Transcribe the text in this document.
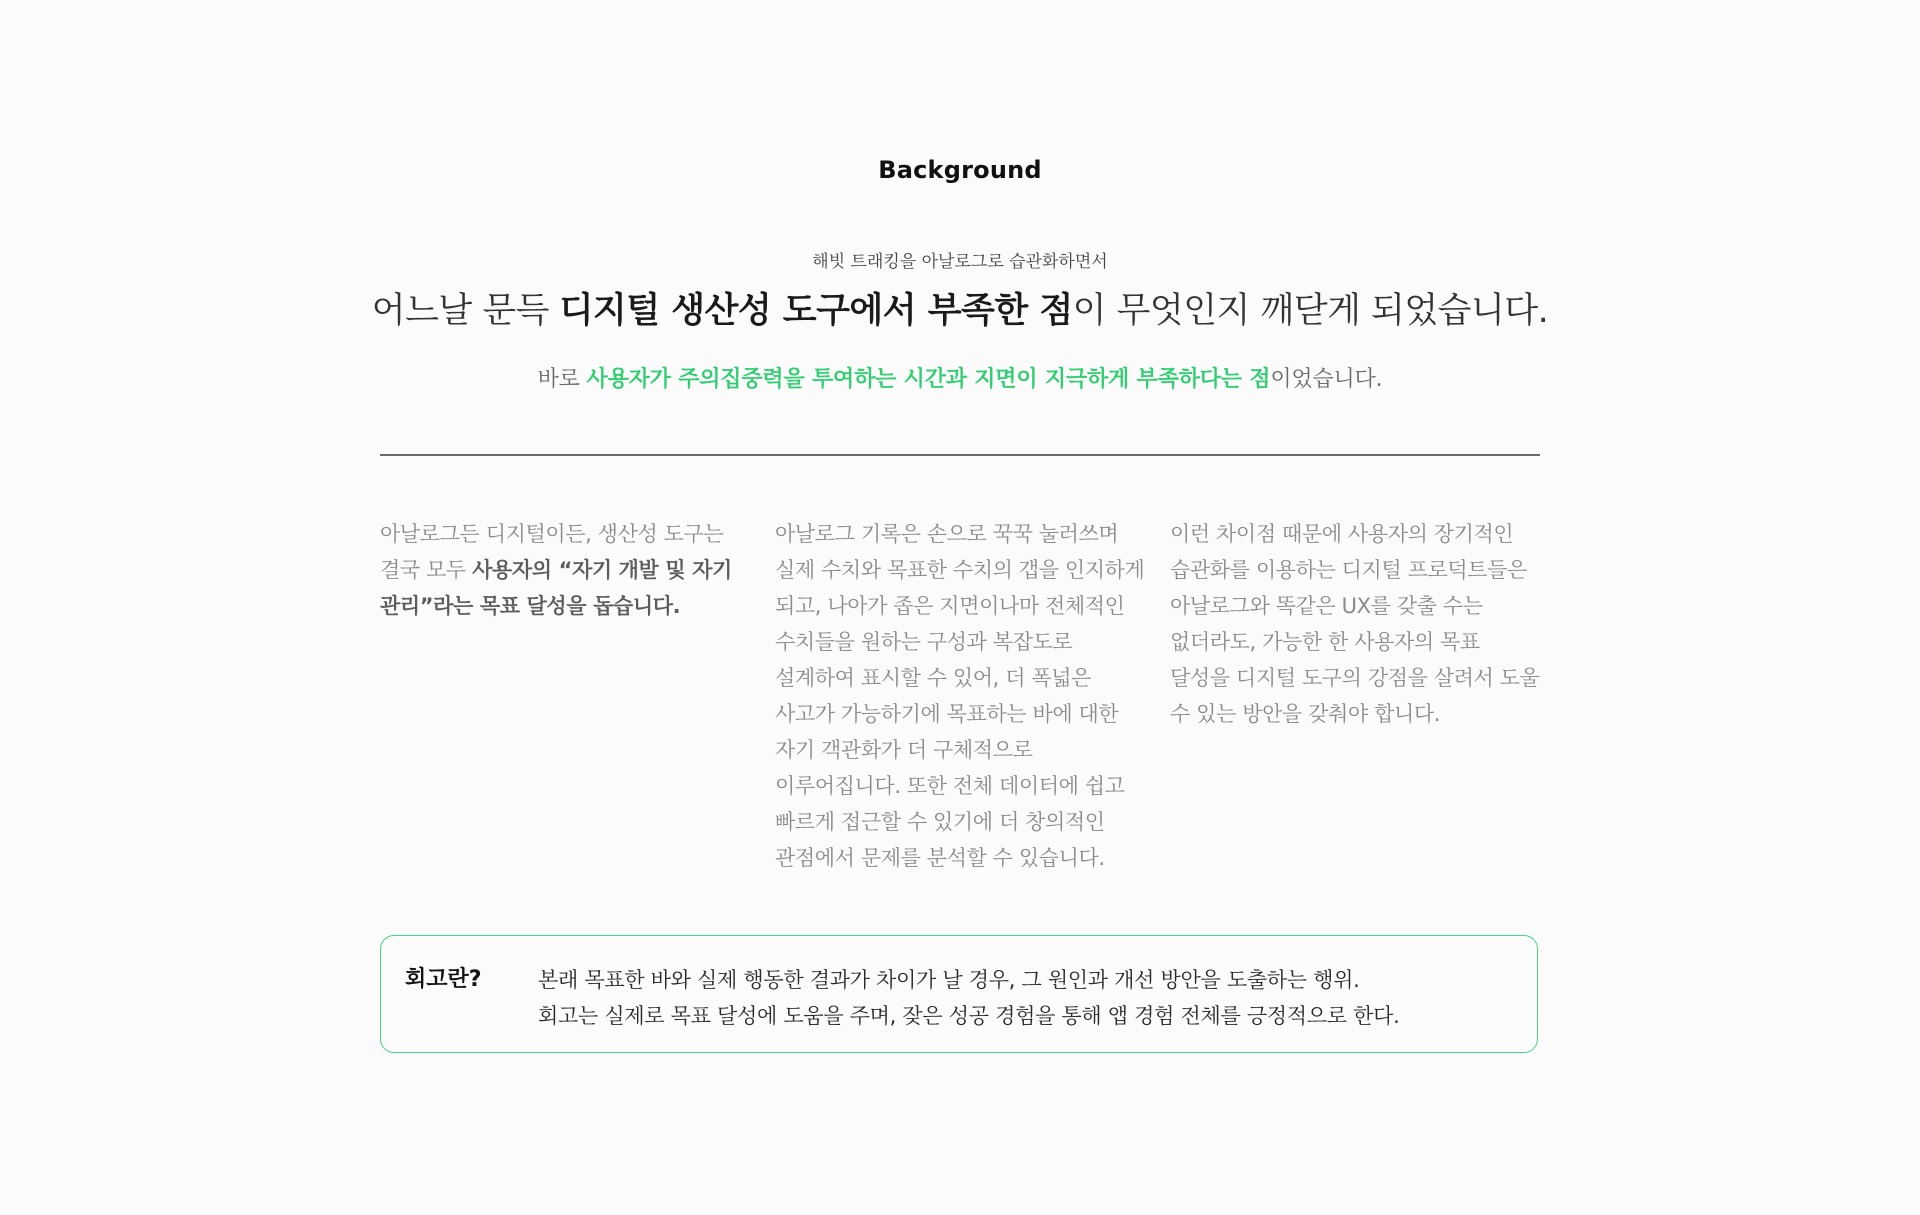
Background
해빗 트래킹을 아날로그로 습관화하면서
어느날 문득 디지털 생산성 도구에서 부족한 점이 무엇인지 깨닫게 되었습니다.
바로 사용자가 주의집중력을 투여하는 시간과 지면이 지극하게 부족하다는 점이었습니다.
아날로그든 디지털이든, 생산성 도구는 결국 모두 사용자의 “자기 개발 및 자기 관리”라는 목표 달성을 돕습니다.
아날로그 기록은 손으로 꾹꾹 눌러쓰며 실제 수치와 목표한 수치의 갭을 인지하게 되고, 나아가 좁은 지면이나마 전체적인 수치들을 원하는 구성과 복잡도로 설계하여 표시할 수 있어, 더 폭넓은 사고가 가능하기에 목표하는 바에 대한 자기 객관화가 더 구체적으로 이루어집니다. 또한 전체 데이터에 쉽고 빠르게 접근할 수 있기에 더 창의적인 관점에서 문제를 분석할 수 있습니다.
이런 차이점 때문에 사용자의 장기적인 습관화를 이용하는 디지털 프로덕트들은 아날로그와 똑같은 UX를 갖출 수는 없더라도, 가능한 한 사용자의 목표 달성을 디지털 도구의 강점을 살려서 도울 수 있는 방안을 갖춰야 합니다.
회고란?	본래 목표한 바와 실제 행동한 결과가 차이가 날 경우, 그 원인과 개선 방안을 도출하는 행위.
회고는 실제로 목표 달성에 도움을 주며, 잦은 성공 경험을 통해 앱 경험 전체를 긍정적으로 한다.
